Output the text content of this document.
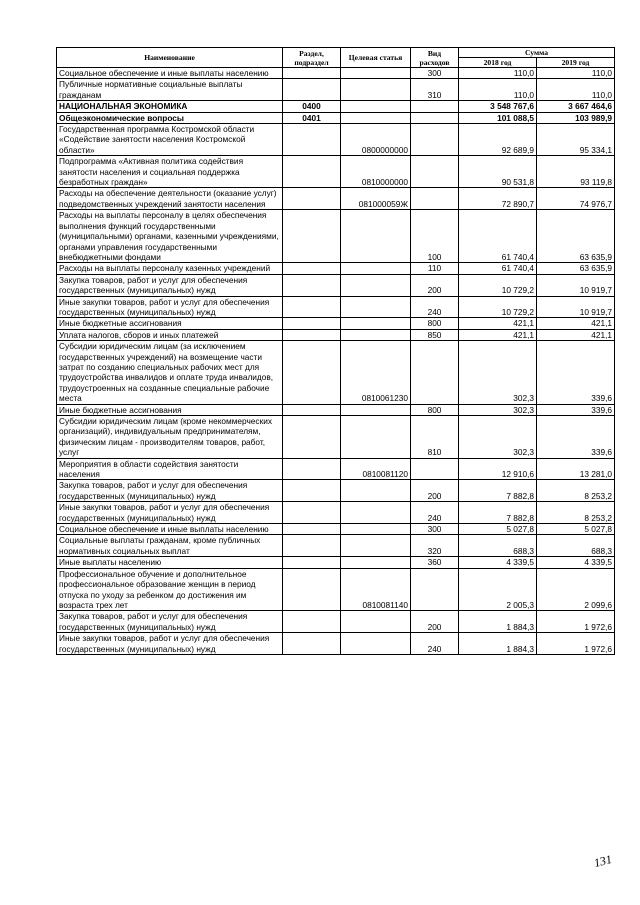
Наименование	Раздел, подраздел	Целевая статья	Вид расходов	Сумма	
				2018 год	2019 год
Социальное обеспечение и иные выплаты населению			300	110,0	110,0
Публичные нормативные социальные выплаты гражданам			310	110,0	110,0
НАЦИОНАЛЬНАЯ ЭКОНОМИКА	0400			3 548 767,6	3 667 464,6
Общеэкономические вопросы	0401			101 088,5	103 989,9
Государственная программа Костромской области «Содействие занятости населения Костромской области»		0800000000		92 689,9	95 334,1
Подпрограмма «Активная политика содействия занятости населения и социальная поддержка безработных граждан»		0810000000		90 531,8	93 119,8
Расходы на обеспечение деятельности (оказание услуг) подведомственных учреждений занятости населения		081000059Ж		72 890,7	74 976,7
Расходы на выплаты персоналу в целях обеспечения выполнения функций государственными (муниципальными) органами, казенными учреждениями, органами управления государственными внебюджетными фондами			100	61 740,4	63 635,9
Расходы на выплаты персоналу казенных учреждений			110	61 740,4	63 635,9
Закупка товаров, работ и услуг для обеспечения государственных (муниципальных) нужд			200	10 729,2	10 919,7
Иные закупки товаров, работ и услуг для обеспечения государственных (муниципальных) нужд			240	10 729,2	10 919,7
Иные бюджетные ассигнования			800	421,1	421,1
Уплата налогов, сборов и иных платежей			850	421,1	421,1
Субсидии юридическим лицам (за исключением государственных учреждений) на возмещение части затрат по созданию специальных рабочих мест для трудоустройства инвалидов и оплате труда инвалидов, трудоустроенных на созданные специальные рабочие места		0810061230		302,3	339,6
Иные бюджетные ассигнования			800	302,3	339,6
Субсидии юридическим лицам (кроме некоммерческих организаций), индивидуальным предпринимателям, физическим лицам - производителям товаров, работ, услуг			810	302,3	339,6
Мероприятия в области содействия занятости населения		0810081120		12 910,6	13 281,0
Закупка товаров, работ и услуг для обеспечения государственных (муниципальных) нужд			200	7 882,8	8 253,2
Иные закупки товаров, работ и услуг для обеспечения государственных (муниципальных) нужд			240	7 882,8	8 253,2
Социальное обеспечение и иные выплаты населению			300	5 027,8	5 027,8
Социальные выплаты гражданам, кроме публичных нормативных социальных выплат			320	688,3	688,3
Иные выплаты населению			360	4 339,5	4 339,5
Профессиональное обучение и дополнительное профессиональное образование женщин в период отпуска по уходу за ребенком до достижения им возраста трех лет		0810081140		2 005,3	2 099,6
Закупка товаров, работ и услуг для обеспечения государственных (муниципальных) нужд			200	1 884,3	1 972,6
Иные закупки товаров, работ и услуг для обеспечения государственных (муниципальных) нужд			240	1 884,3	1 972,6
131
